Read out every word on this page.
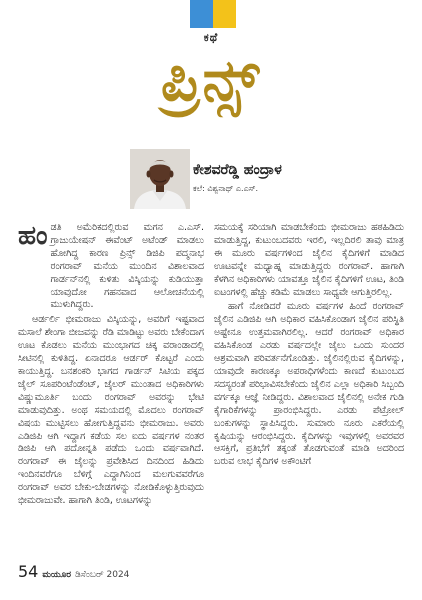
ಕಥೆ
ಪ್ರಿನ್ಸ್
ಕೇಶವರೆಡ್ಡಿ ಹಂದ್ರಾಳ
ಕಲೆ: ವಿಶ್ವನಾಥ್ ಎ.ಎಸ್.
ಹಂ ಡತಿ ಅಮೆರಿಕದಲ್ಲಿರುವ ಮಗನ ಎ.ಎಸ್. ಗ್ರಾಜುಯೇಷನ್ ಈವೆಂಟ್ ಅಟೆಂಡ್ ಮಾಡಲು ಹೋಗಿದ್ದ ಕಾರಣ ಪ್ರಿನ್ಸ್ ಡಿಜಿಪಿ ಪದ್ಮನಾಭ ರಂಗರಾವ್ ಮನೆಯ ಮುಂದಿನ ವಿಶಾಲವಾದ ಗಾರ್ಡನ್‌ನಲ್ಲಿ ಕುಳಿತು ವಿಸ್ಕಿಯನ್ನು ಕುಡಿಯುತ್ತಾ ಯಾವುದೋ ಗಹನವಾದ ಆಲೋಚನೆಯಲ್ಲಿ ಮುಳುಗಿದ್ದರು.

ಆರ್ಡರ್ಲಿ ಭೀಮರಾಜು ವಿಸ್ಕಿಯನ್ನು, ಅವರಿಗೆ ಇಷ್ಟವಾದ ಮಸಾಲೆ ಶೇಂಗಾ ಬೀಜವನ್ನು ರೆಡಿ ಮಾಡಿಟ್ಟು ಅವರು ಬೇಕೆಂದಾಗ ಊಟ ಕೊಡಲು ಮನೆಯ ಮುಂಭಾಗದ ಚಿಕ್ಕ ವರಾಂಡಾದಲ್ಲಿ ಸೀಟಿನಲ್ಲಿ ಕುಳಿತಿದ್ದ. ಏನಾದರೂ ಆರ್ಡರ್ ಕೊಟ್ಟರೆ ಎಂದು ಕಾಯುತ್ತಿದ್ದ. ಬನಶಂಕರಿ ಭಾಗದ ಗಾರ್ಡನ್ ಸಿಟಿಯ ಪಕ್ಕದ ಜೈಲ್ ಸೂಪರಿಂಟೆಂಡೆಂಟ್, ಜೈಲರ್ ಮುಂತಾದ ಅಧಿಕಾರಿಗಳು ವಿಷ್ಣುಮೂರ್ತಿ ಬಂದು ರಂಗರಾವ್ ಅವರನ್ನು ಭೇಟಿ ಮಾಡುವುದಿತ್ತು. ಅಂಥ ಸಮಯದಲ್ಲಿ ಮೊದಲು ರಂಗರಾವ್ ವಿಷಯ ಮುಟ್ಟಿಸಲು ಹೋಗುತ್ತಿದ್ದವನು ಭೀಮರಾಜು. ಅವರು ಎಡಿಜಿಪಿ ಆಗಿ ಇದ್ದಾಗ ಕಡೆಯ ಸಲ ಐದು ವರ್ಷಗಳ ನಂತರ ಡಿಜಿಪಿ ಆಗಿ ಪದೋನ್ನತಿ ಪಡೆದು ಒಂದು ವರ್ಷವಾಗಿದೆ. ರಂಗರಾವ್ ಈ ಜೈಲನ್ನು ಪ್ರವೇಶಿಸಿದ ದಿನದಿಂದ ಹಿಡಿದು ಇಂದಿನವರೆಗೂ ಬೆಳಿಗ್ಗೆ ಎದ್ದಾಗಿನಿಂದ ಮಲಗುವವರೆಗೂ ರಂಗರಾವ್ ಅವರ ಬೇಕು-ಬೇಡಗಳನ್ನು ನೋಡಿಕೊಳ್ಳುತ್ತಿರುವುದು ಭೀಮರಾಜುವೇ. ಹಾಗಾಗಿ ತಿಂಡಿ, ಊಟಗಳನ್ನು

ಸಮಯಕ್ಕೆ ಸರಿಯಾಗಿ ಮಾಡಬೇಕೆಂದು ಭೀಮರಾಜು ಹಠಹಿಡಿದು ಮಾಡುತ್ತಿದ್ದ, ಕುಟುಂಬದವರು ಇರಲಿ, ಇಲ್ಲದಿರಲಿ ತಾವು ಮಾತ್ರ ಈ ಮೂರು ವರ್ಷಗಳಿಂದ ಜೈಲಿನ ಕೈದಿಗಳಿಗೆ ಮಾಡಿದ ಊಟವನ್ನೇ ಮಧ್ಯಾಹ್ನ ಮಾಡುತ್ತಿದ್ದರು ರಂಗರಾವ್. ಹಾಗಾಗಿ ಕೆಳಗಿನ ಅಧಿಕಾರಿಗಳು ಯಾವತ್ತೂ ಜೈಲಿನ ಕೈದಿಗಳಿಗೆ ಊಟ, ತಿಂಡಿ ಐಟಂಗಳಲ್ಲಿ ಹೆಚ್ಚು ಕಡಿಮೆ ಮಾಡಲು ಸಾಧ್ಯವೇ ಆಗುತ್ತಿರಲಿಲ್ಲ.

ಹಾಗೆ ನೋಡಿದರೆ ಮೂರು ವರ್ಷಗಳ ಹಿಂದೆ ರಂಗರಾವ್ ಜೈಲಿನ ಎಡಿಜಿಪಿ ಆಗಿ ಅಧಿಕಾರ ವಹಿಸಿಕೊಂಡಾಗ ಜೈಲಿನ ಪರಿಸ್ಥಿತಿ ಅಷ್ಟೇನೂ ಉತ್ತಮವಾಗಿರಲಿಲ್ಲ. ಆದರೆ ರಂಗರಾವ್ ಅಧಿಕಾರ ವಹಿಸಿಕೊಂಡ ಎರಡು ವರ್ಷದಲ್ಲೇ ಜೈಲು ಒಂದು ಸುಂದರ ಆಶ್ರಮವಾಗಿ ಪರಿವರ್ತನೆಗೊಂಡಿತ್ತು. ಜೈಲಿನಲ್ಲಿರುವ ಕೈದಿಗಳನ್ನು, ಯಾವುದೇ ಕಾರಣಕ್ಕೂ ಅಪರಾಧಿಗಳೆಂದು ಕಾಣದೆ ಕುಟುಂಬದ ಸದಸ್ಯರಂತೆ ಪರಿಭಾವಿಸಬೇಕೆಂದು ಜೈಲಿನ ಎಲ್ಲಾ ಅಧಿಕಾರಿ ಸಿಬ್ಬಂದಿ ವರ್ಗಕ್ಕೂ ಆಜ್ಞೆ ನೀಡಿದ್ದರು. ವಿಶಾಲವಾದ ಜೈಲಿನಲ್ಲಿ ಅನೇಕ ಗುಡಿ ಕೈಗಾರಿಕೆಗಳನ್ನು ಪ್ರಾರಂಭಿಸಿದ್ದರು. ಎರಡು ಪೆಟ್ರೋಲ್ ಬಂಕುಗಳನ್ನು ಸ್ಥಾಪಿಸಿದ್ದರು. ಸುಮಾರು ನೂರು ಎಕರೆಯಲ್ಲಿ ಕೃಷಿಯನ್ನು ಆರಂಭಿಸಿದ್ದರು. ಕೈದಿಗಳನ್ನು ಇವುಗಳಲ್ಲಿ ಅವರವರ ಆಸಕ್ತಿಗೆ, ಪ್ರತಿಭೆಗೆ ತಕ್ಕಂತೆ ತೊಡಗುವಂತೆ ಮಾಡಿ ಅದರಿಂದ ಬರುವ ಲಾಭ ಕೈದಿಗಳ ಅಕೌಂಟಿಗೆ

54 ಮಯೂರ ಡಿಸೆಂಬರ್ 2024
